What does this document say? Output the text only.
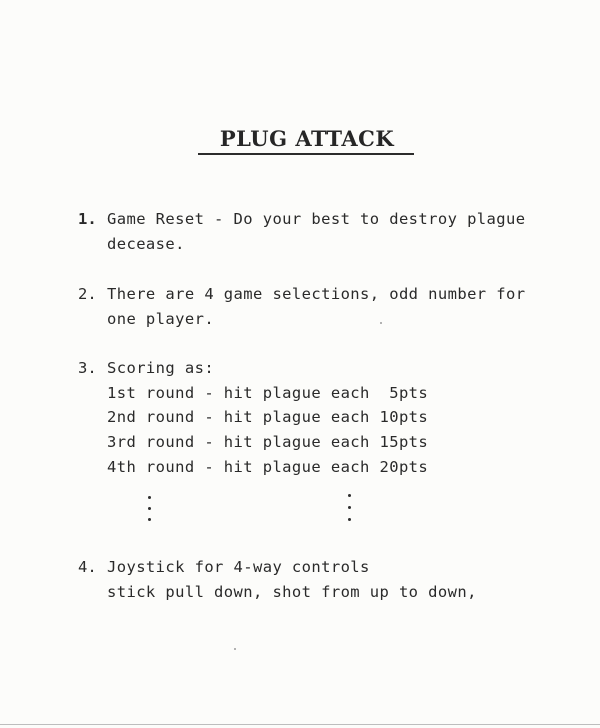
PLUG ATTACK
1. Game Reset - Do your best to destroy plague
decease.
2. There are 4 game selections, odd number for
one player.
3. Scoring as:
1st round - hit plague each  5pts
2nd round - hit plague each 10pts
3rd round - hit plague each 15pts
4th round - hit plague each 20pts
4. Joystick for 4-way controls
stick pull down, shot from up to down,
